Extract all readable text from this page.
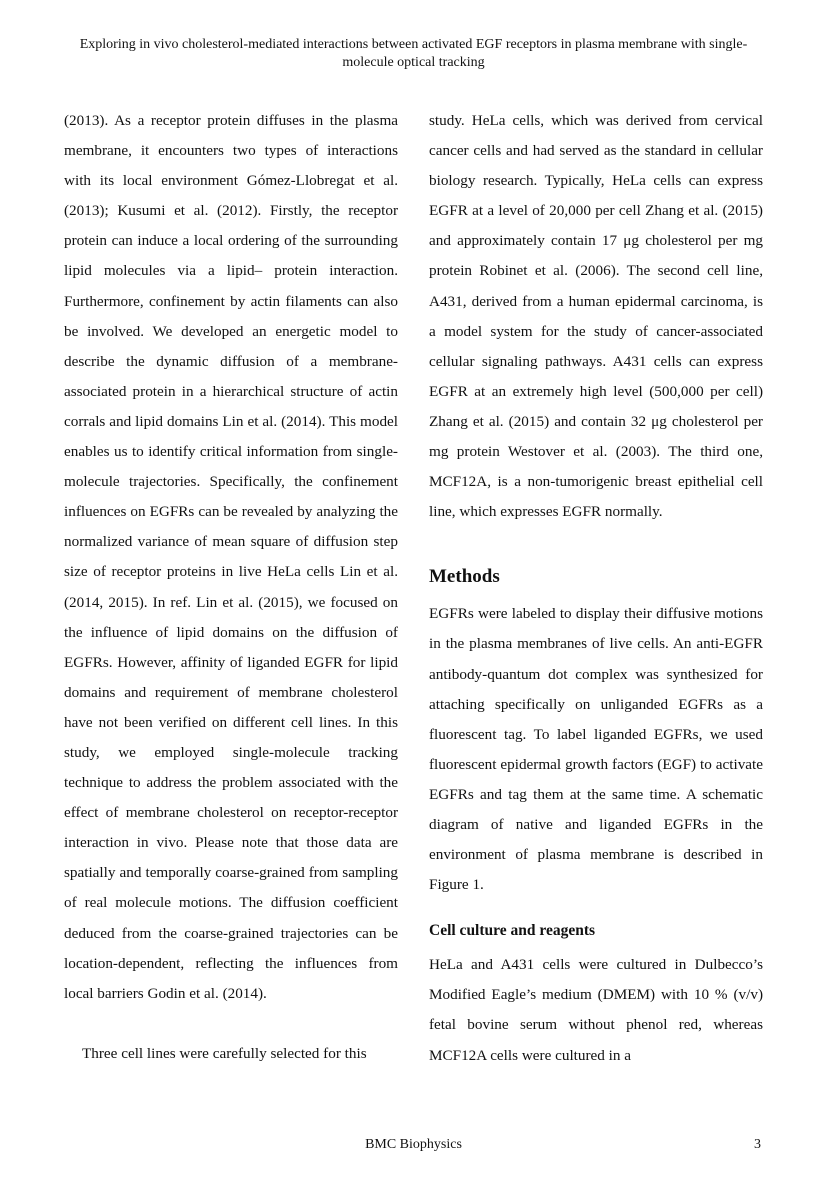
Exploring in vivo cholesterol-mediated interactions between activated EGF receptors in plasma membrane with single-molecule optical tracking

(2013). As a receptor protein diffuses in the plasma membrane, it encounters two types of interactions with its local environment Gómez-Llobregat et al. (2013); Kusumi et al. (2012). Firstly, the receptor protein can induce a local ordering of the surrounding lipid molecules via a lipid– protein interaction. Furthermore, confinement by actin filaments can also be involved. We developed an energetic model to describe the dynamic diffusion of a membrane-associated protein in a hierarchical structure of actin corrals and lipid domains Lin et al. (2014). This model enables us to identify critical information from single-molecule trajectories. Specifically, the confinement influences on EGFRs can be revealed by analyzing the normalized variance of mean square of diffusion step size of receptor proteins in live HeLa cells Lin et al. (2014, 2015). In ref. Lin et al. (2015), we focused on the influence of lipid domains on the diffusion of EGFRs. However, affinity of liganded EGFR for lipid domains and requirement of membrane cholesterol have not been verified on different cell lines. In this study, we employed single-molecule tracking technique to address the problem associated with the effect of membrane cholesterol on receptor-receptor interaction in vivo. Please note that those data are spatially and temporally coarse-grained from sampling of real molecule motions. The diffusion coefficient deduced from the coarse-grained trajectories can be location-dependent, reflecting the influences from local barriers Godin et al. (2014).

Three cell lines were carefully selected for this

study. HeLa cells, which was derived from cervical cancer cells and had served as the standard in cellular biology research. Typically, HeLa cells can express EGFR at a level of 20,000 per cell Zhang et al. (2015) and approximately contain 17 μg cholesterol per mg protein Robinet et al. (2006). The second cell line, A431, derived from a human epidermal carcinoma, is a model system for the study of cancer-associated cellular signaling pathways. A431 cells can express EGFR at an extremely high level (500,000 per cell) Zhang et al. (2015) and contain 32 μg cholesterol per mg protein Westover et al. (2003). The third one, MCF12A, is a non-tumorigenic breast epithelial cell line, which expresses EGFR normally.

Methods

EGFRs were labeled to display their diffusive motions in the plasma membranes of live cells. An anti-EGFR antibody-quantum dot complex was synthesized for attaching specifically on unliganded EGFRs as a fluorescent tag. To label liganded EGFRs, we used fluorescent epidermal growth factors (EGF) to activate EGFRs and tag them at the same time. A schematic diagram of native and liganded EGFRs in the environment of plasma membrane is described in Figure 1.

Cell culture and reagents

HeLa and A431 cells were cultured in Dulbecco’s Modified Eagle’s medium (DMEM) with 10 % (v/v) fetal bovine serum without phenol red, whereas MCF12A cells were cultured in a

BMC Biophysics	3
